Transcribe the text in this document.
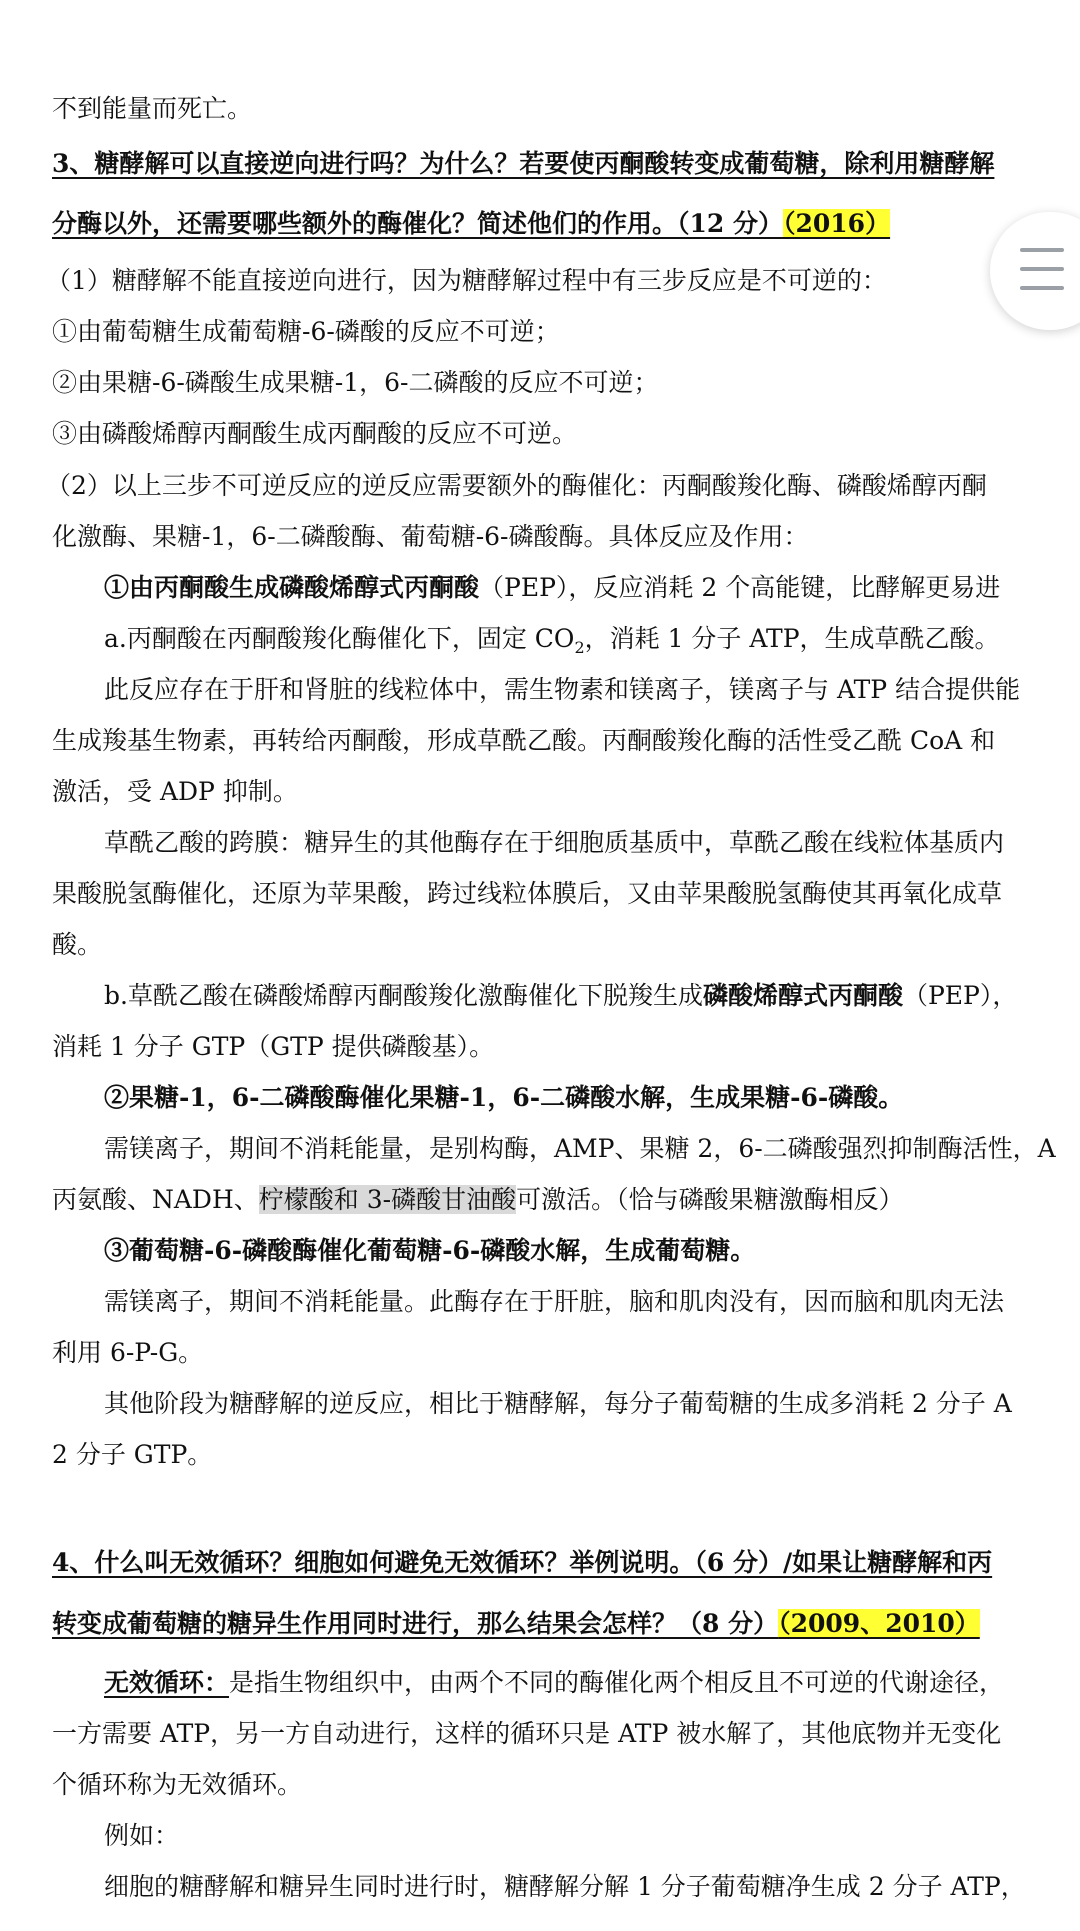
不到能量而死亡。
3、糖酵解可以直接逆向进行吗？为什么？若要使丙酮酸转变成葡萄糖，除利用糖酵解
分酶以外，还需要哪些额外的酶催化？简述他们的作用。（12 分）（2016）
（1）糖酵解不能直接逆向进行，因为糖酵解过程中有三步反应是不可逆的：
①由葡萄糖生成葡萄糖-6-磷酸的反应不可逆；
②由果糖-6-磷酸生成果糖-1，6-二磷酸的反应不可逆；
③由磷酸烯醇丙酮酸生成丙酮酸的反应不可逆。
（2）以上三步不可逆反应的逆反应需要额外的酶催化：丙酮酸羧化酶、磷酸烯醇丙酮
化激酶、果糖-1，6-二磷酸酶、葡萄糖-6-磷酸酶。具体反应及作用：
①由丙酮酸生成磷酸烯醇式丙酮酸（PEP），反应消耗 2 个高能键，比酵解更易进
a.丙酮酸在丙酮酸羧化酶催化下，固定 $CO_2$，消耗 1 分子 ATP，生成草酰乙酸。
此反应存在于肝和肾脏的线粒体中，需生物素和镁离子，镁离子与 ATP 结合提供能
生成羧基生物素，再转给丙酮酸，形成草酰乙酸。丙酮酸羧化酶的活性受乙酰 CoA 和
激活，受 ADP 抑制。
草酰乙酸的跨膜：糖异生的其他酶存在于细胞质基质中，草酰乙酸在线粒体基质内
果酸脱氢酶催化，还原为苹果酸，跨过线粒体膜后，又由苹果酸脱氢酶使其再氧化成草
酸。
b.草酰乙酸在磷酸烯醇丙酮酸羧化激酶催化下脱羧生成磷酸烯醇式丙酮酸（PEP），
消耗 1 分子 GTP（GTP 提供磷酸基）。
②果糖-1，6-二磷酸酶催化果糖-1，6-二磷酸水解，生成果糖-6-磷酸。
需镁离子，期间不消耗能量，是别构酶，AMP、果糖 2，6-二磷酸强烈抑制酶活性，A
丙氨酸、NADH、柠檬酸和 3-磷酸甘油酸可激活。（恰与磷酸果糖激酶相反）
③葡萄糖-6-磷酸酶催化葡萄糖-6-磷酸水解，生成葡萄糖。
需镁离子，期间不消耗能量。此酶存在于肝脏，脑和肌肉没有，因而脑和肌肉无法
利用 6-P-G。
其他阶段为糖酵解的逆反应，相比于糖酵解，每分子葡萄糖的生成多消耗 2 分子 A
2 分子 GTP。
4、什么叫无效循环？细胞如何避免无效循环？举例说明。（6 分）/如果让糖酵解和丙
转变成葡萄糖的糖异生作用同时进行，那么结果会怎样？（8 分）（2009、2010）
无效循环：是指生物组织中，由两个不同的酶催化两个相反且不可逆的代谢途径，
一方需要 ATP，另一方自动进行，这样的循环只是 ATP 被水解了，其他底物并无变化
个循环称为无效循环。
例如：
细胞的糖酵解和糖异生同时进行时，糖酵解分解 1 分子葡萄糖净生成 2 分子 ATP，
